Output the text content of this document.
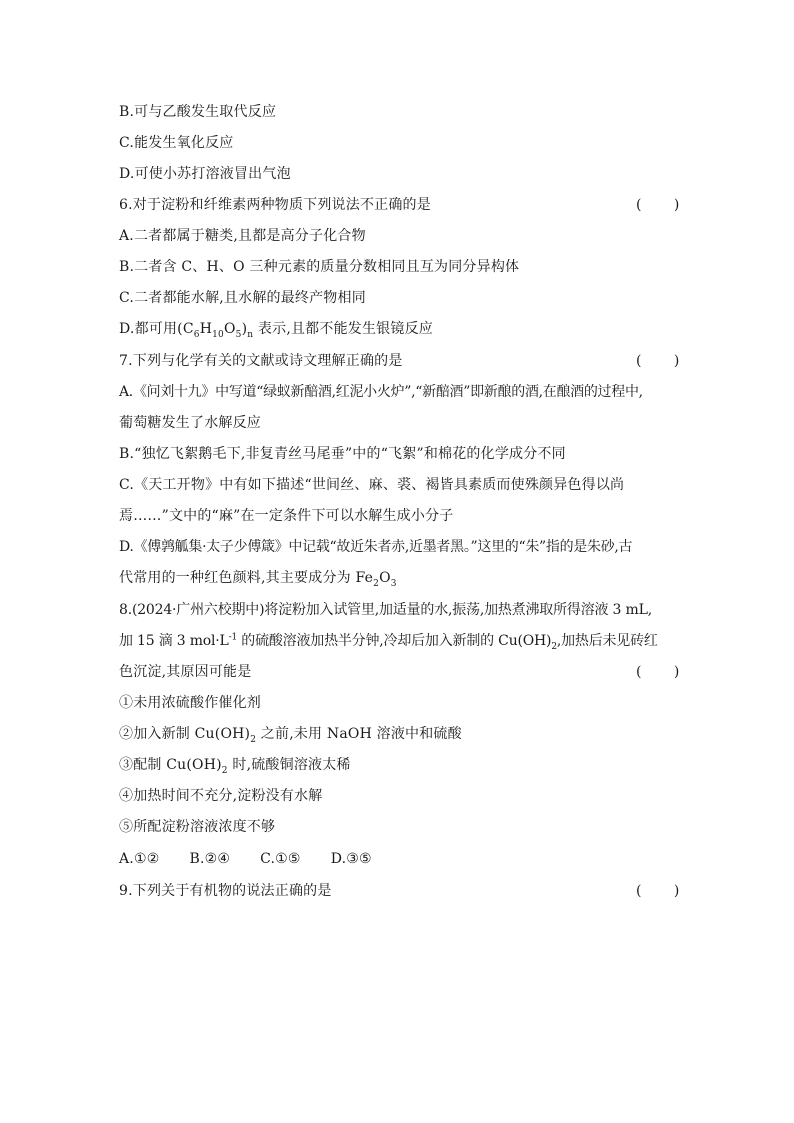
B.可与乙酸发生取代反应
C.能发生氧化反应
D.可使小苏打溶液冒出气泡
6.对于淀粉和纤维素两种物质下列说法不正确的是	( )
A.二者都属于糖类,且都是高分子化合物
B.二者含 C、H、O 三种元素的质量分数相同且互为同分异构体
C.二者都能水解,且水解的最终产物相同
D.都可用$(C_6H_{10}O_5)_n$ 表示,且都不能发生银镜反应
7.下列与化学有关的文献或诗文理解正确的是	( )
A.《问刘十九》中写道“绿蚁新醅酒,红泥小火炉”,“新醅酒”即新酿的酒,在酿酒的过程中,
葡萄糖发生了水解反应
B.“独忆飞絮鹅毛下,非复青丝马尾垂”中的“飞絮”和棉花的化学成分不同
C.《天工开物》中有如下描述“世间丝、麻、裘、褐皆具素质而使殊颜异色得以尚
焉……”文中的“麻”在一定条件下可以水解生成小分子
D.《傅鹑觚集·太子少傅箴》中记载“故近朱者赤,近墨者黑。”这里的“朱”指的是朱砂,古
代常用的一种红色颜料,其主要成分为 $Fe_2O_3$
8.(2024·广州六校期中)将淀粉加入试管里,加适量的水,振荡,加热煮沸取所得溶液 3 mL,
加 15 滴 3 $mol\cdot L^{-1}$ 的硫酸溶液加热半分钟,冷却后加入新制的 $Cu(OH)_2$,加热后未见砖红
色沉淀,其原因可能是	( )
①未用浓硫酸作催化剂
②加入新制 $Cu(OH)_2$ 之前,未用 NaOH 溶液中和硫酸
③配制 $Cu(OH)_2$ 时,硫酸铜溶液太稀
④加热时间不充分,淀粉没有水解
⑤所配淀粉溶液浓度不够
A.①② B.②④ C.①⑤ D.③⑤
9.下列关于有机物的说法正确的是	( )
